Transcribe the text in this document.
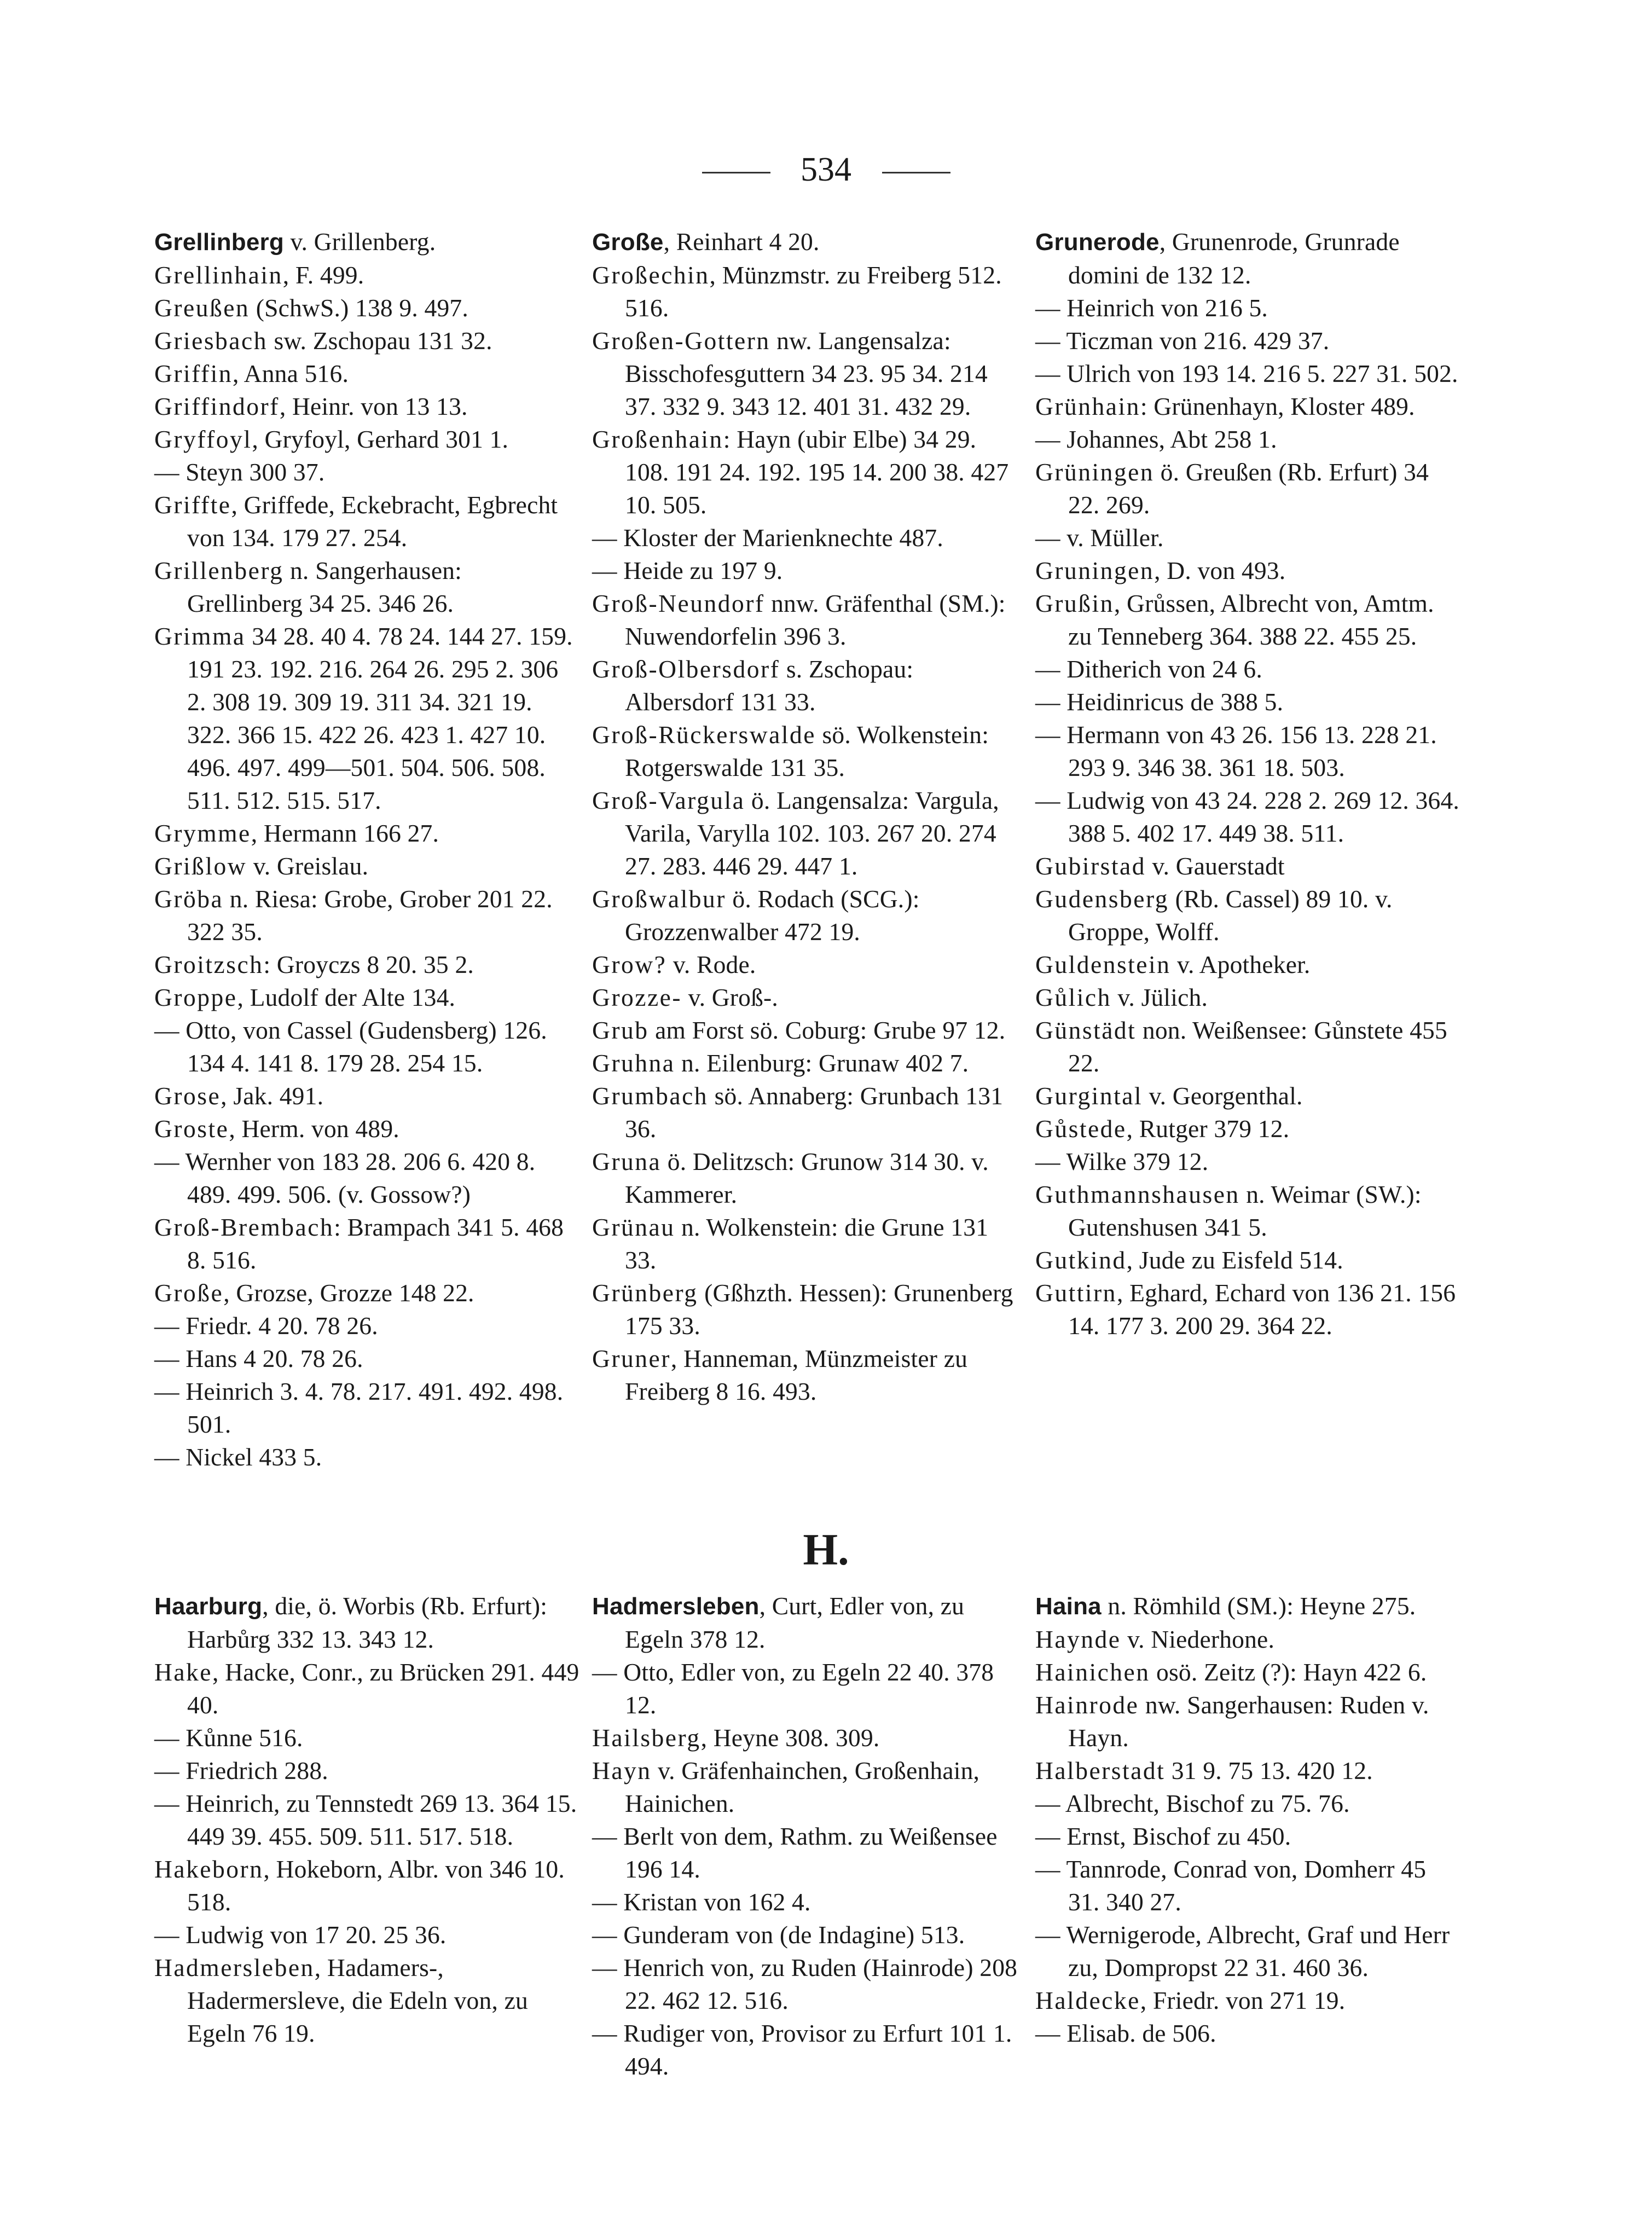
534
Grellinberg v. Grillenberg.
Grellinhain, F. 499.
Greußen (SchwS.) 138 9. 497.
Griesbach sw. Zschopau 131 32.
Griffin, Anna 516.
Griffindorf, Heinr. von 13 13.
Gryffoyl, Gryfoyl, Gerhard 301 1.
— Steyn 300 37.
Griffte, Griffede, Eckebracht, Egbrecht von 134. 179 27. 254.
Grillenberg n. Sangerhausen: Grellinberg 34 25. 346 26.
Grimma 34 28. 40 4. 78 24. 144 27. 159. 191 23. 192. 216. 264 26. 295 2. 306 2. 308 19. 309 19. 311 34. 321 19. 322. 366 15. 422 26. 423 1. 427 10. 496. 497. 499—501. 504. 506. 508. 511. 512. 515. 517.
Grymme, Hermann 166 27.
Grißlow v. Greislau.
Gröba n. Riesa: Grobe, Grober 201 22. 322 35.
Groitzsch: Groyczs 8 20. 35 2.
Groppe, Ludolf der Alte 134.
— Otto, von Cassel (Gudensberg) 126. 134 4. 141 8. 179 28. 254 15.
Grose, Jak. 491.
Groste, Herm. von 489.
— Wernher von 183 28. 206 6. 420 8. 489. 499. 506. (v. Gossow?)
Groß-Brembach: Brampach 341 5. 468 8. 516.
Große, Grozse, Grozze 148 22.
— Friedr. 4 20. 78 26.
— Hans 4 20. 78 26.
— Heinrich 3. 4. 78. 217. 491. 492. 498. 501.
— Nickel 433 5.
Große, Reinhart 4 20.
Großechin, Münzmstr. zu Freiberg 512. 516.
Großen-Gottern nw. Langensalza: Bisschofesguttern 34 23. 95 34. 214 37. 332 9. 343 12. 401 31. 432 29.
Großenhain: Hayn (ubir Elbe) 34 29. 108. 191 24. 192. 195 14. 200 38. 427 10. 505.
— Kloster der Marienknechte 487.
— Heide zu 197 9.
Groß-Neundorf nnw. Gräfenthal (SM.): Nuwendorfelin 396 3.
Groß-Olbersdorf s. Zschopau: Albersdorf 131 33.
Groß-Rückerswalde sö. Wolkenstein: Rotgerswalde 131 35.
Groß-Vargula ö. Langensalza: Vargula, Varila, Varylla 102. 103. 267 20. 274 27. 283. 446 29. 447 1.
Großwalbur ö. Rodach (SCG.): Grozzenwalber 472 19.
Grow? v. Rode.
Grozze- v. Groß-.
Grub am Forst sö. Coburg: Grube 97 12.
Gruhna n. Eilenburg: Grunaw 402 7.
Grumbach sö. Annaberg: Grunbach 131 36.
Gruna ö. Delitzsch: Grunow 314 30. v. Kammerer.
Grünau n. Wolkenstein: die Grune 131 33.
Grünberg (Gßhzth. Hessen): Grunenberg 175 33.
Gruner, Hanneman, Münzmeister zu Freiberg 8 16. 493.
Grunerode, Grunenrode, Grunrade domini de 132 12.
— Heinrich von 216 5.
— Ticzman von 216. 429 37.
— Ulrich von 193 14. 216 5. 227 31. 502.
Grünhain: Grünenhayn, Kloster 489.
— Johannes, Abt 258 1.
Grüningen ö. Greußen (Rb. Erfurt) 34 22. 269.
— v. Müller.
Gruningen, D. von 493.
Grußin, Grůssen, Albrecht von, Amtm. zu Tenneberg 364. 388 22. 455 25.
— Ditherich von 24 6.
— Heidinricus de 388 5.
— Hermann von 43 26. 156 13. 228 21. 293 9. 346 38. 361 18. 503.
— Ludwig von 43 24. 228 2. 269 12. 364. 388 5. 402 17. 449 38. 511.
Gubirstad v. Gauerstadt
Gudensberg (Rb. Cassel) 89 10. v. Groppe, Wolff.
Guldenstein v. Apotheker.
Gůlich v. Jülich.
Günstädt non. Weißensee: Gůnstete 455 22.
Gurgintal v. Georgenthal.
Gůstede, Rutger 379 12.
— Wilke 379 12.
Guthmannshausen n. Weimar (SW.): Gutenshusen 341 5.
Gutkind, Jude zu Eisfeld 514.
Guttirn, Eghard, Echard von 136 21. 156 14. 177 3. 200 29. 364 22.
H.
Haarburg, die, ö. Worbis (Rb. Erfurt): Harbůrg 332 13. 343 12.
Hake, Hacke, Conr., zu Brücken 291. 449 40.
— Kůnne 516.
— Friedrich 288.
— Heinrich, zu Tennstedt 269 13. 364 15. 449 39. 455. 509. 511. 517. 518.
Hakeborn, Hokeborn, Albr. von 346 10. 518.
— Ludwig von 17 20. 25 36.
Hadmersleben, Hadamers-, Hadermersleve, die Edeln von, zu Egeln 76 19.
Hadmersleben, Curt, Edler von, zu Egeln 378 12.
— Otto, Edler von, zu Egeln 22 40. 378 12.
Hailsberg, Heyne 308. 309.
Hayn v. Gräfenhainchen, Großenhain, Hainichen.
— Berlt von dem, Rathm. zu Weißensee 196 14.
— Kristan von 162 4.
— Gunderam von (de Indagine) 513.
— Henrich von, zu Ruden (Hainrode) 208 22. 462 12. 516.
— Rudiger von, Provisor zu Erfurt 101 1. 494.
Haina n. Römhild (SM.): Heyne 275.
Haynde v. Niederhone.
Hainichen osö. Zeitz (?): Hayn 422 6.
Hainrode nw. Sangerhausen: Ruden v. Hayn.
Halberstadt 31 9. 75 13. 420 12.
— Albrecht, Bischof zu 75. 76.
— Ernst, Bischof zu 450.
— Tannrode, Conrad von, Domherr 45 31. 340 27.
— Wernigerode, Albrecht, Graf und Herr zu, Dompropst 22 31. 460 36.
Haldecke, Friedr. von 271 19.
— Elisab. de 506.
